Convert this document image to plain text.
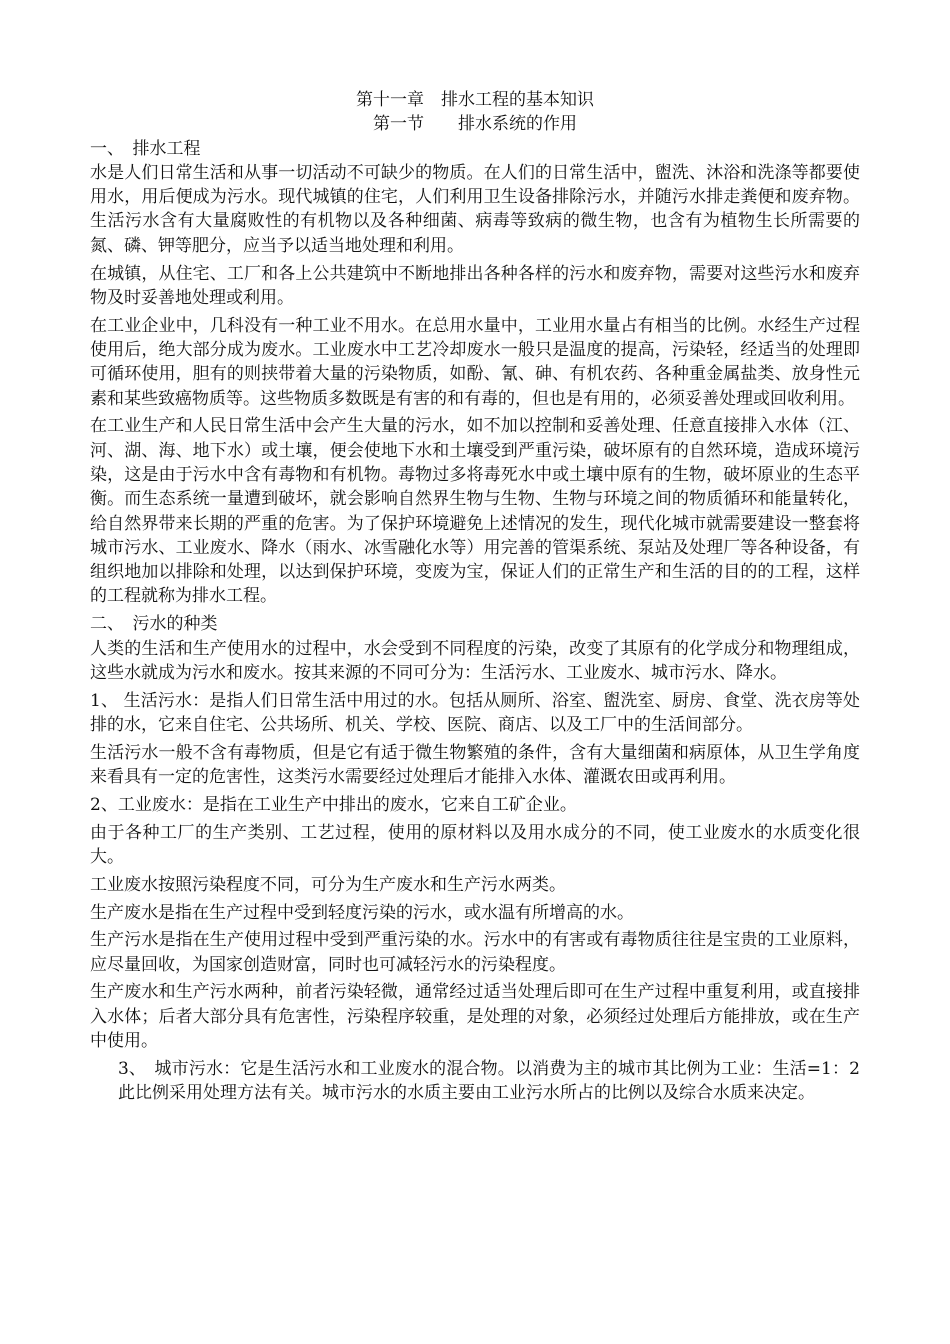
第十一章　排水工程的基本知识
第一节　　排水系统的作用
一、　排水工程
水是人们日常生活和从事一切活动不可缺少的物质。在人们的日常生活中，盥洗、沐浴和洗涤等都要使用水，用后便成为污水。现代城镇的住宅，人们利用卫生设备排除污水，并随污水排走粪便和废弃物。生活污水含有大量腐败性的有机物以及各种细菌、病毒等致病的微生物，也含有为植物生长所需要的氮、磷、钾等肥分，应当予以适当地处理和利用。
在城镇，从住宅、工厂和各上公共建筑中不断地排出各种各样的污水和废弃物，需要对这些污水和废弃物及时妥善地处理或利用。
在工业企业中，几科没有一种工业不用水。在总用水量中，工业用水量占有相当的比例。水经生产过程使用后，绝大部分成为废水。工业废水中工艺冷却废水一般只是温度的提高，污染轻，经适当的处理即可循环使用，胆有的则挟带着大量的污染物质，如酚、氰、砷、有机农药、各种重金属盐类、放身性元素和某些致癌物质等。这些物质多数既是有害的和有毒的，但也是有用的，必须妥善处理或回收利用。
在工业生产和人民日常生活中会产生大量的污水，如不加以控制和妥善处理、任意直接排入水体（江、河、湖、海、地下水）或土壤，便会使地下水和土壤受到严重污染，破坏原有的自然环境，造成环境污染，这是由于污水中含有毒物和有机物。毒物过多将毒死水中或土壤中原有的生物，破坏原业的生态平衡。而生态系统一量遭到破坏，就会影响自然界生物与生物、生物与环境之间的物质循环和能量转化，给自然界带来长期的严重的危害。为了保护环境避免上述情况的发生，现代化城市就需要建设一整套将城市污水、工业废水、降水（雨水、冰雪融化水等）用完善的管渠系统、泵站及处理厂等各种设备，有组织地加以排除和处理，以达到保护环境，变废为宝，保证人们的正常生产和生活的目的的工程，这样的工程就称为排水工程。
二、　污水的种类
人类的生活和生产使用水的过程中，水会受到不同程度的污染，改变了其原有的化学成分和物理组成，这些水就成为污水和废水。按其来源的不同可分为：生活污水、工业废水、城市污水、降水。
1、 生活污水：是指人们日常生活中用过的水。包括从厕所、浴室、盥洗室、厨房、食堂、洗衣房等处排的水，它来自住宅、公共场所、机关、学校、医院、商店、以及工厂中的生活间部分。
生活污水一般不含有毒物质，但是它有适于微生物繁殖的条件，含有大量细菌和病原体，从卫生学角度来看具有一定的危害性，这类污水需要经过处理后才能排入水体、灌溉农田或再利用。
2、工业废水：是指在工业生产中排出的废水，它来自工矿企业。
由于各种工厂的生产类别、工艺过程，使用的原材料以及用水成分的不同，使工业废水的水质变化很大。
工业废水按照污染程度不同，可分为生产废水和生产污水两类。
生产废水是指在生产过程中受到轻度污染的污水，或水温有所增高的水。
生产污水是指在生产使用过程中受到严重污染的水。污水中的有害或有毒物质往往是宝贵的工业原料，应尽量回收，为国家创造财富，同时也可减轻污水的污染程度。
生产废水和生产污水两种，前者污染轻微，通常经过适当处理后即可在生产过程中重复利用，或直接排入水体；后者大部分具有危害性，污染程序较重，是处理的对象，必须经过处理后方能排放，或在生产中使用。
3、　城市污水：它是生活污水和工业废水的混合物。以消费为主的城市其比例为工业：生活=1：2 此比例采用处理方法有关。城市污水的水质主要由工业污水所占的比例以及综合水质来决定。
